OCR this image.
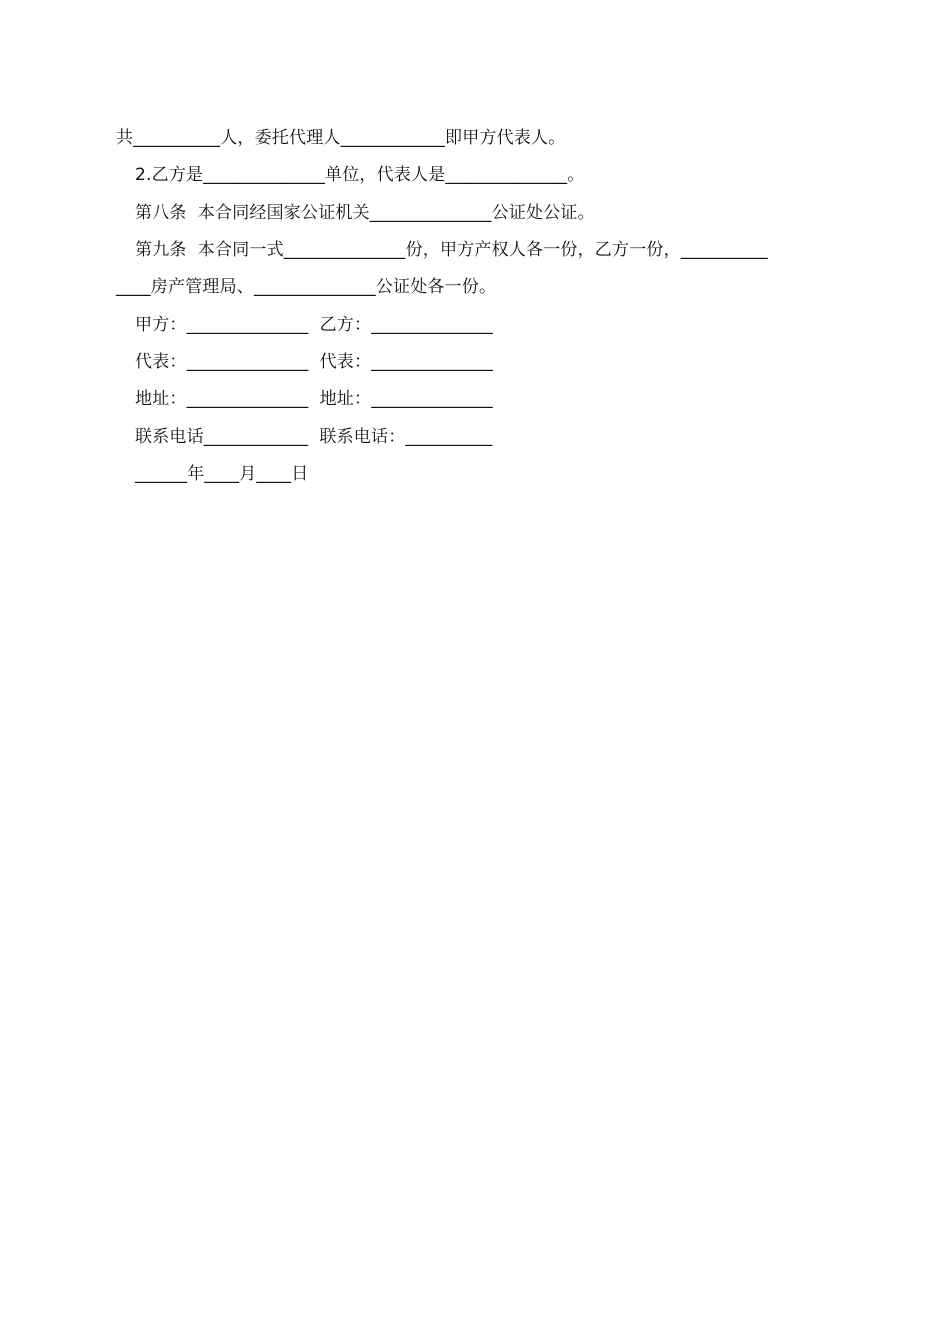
共__________人，委托代理人____________即甲方代表人。
2.乙方是______________单位，代表人是______________。
第八条  本合同经国家公证机关______________公证处公证。
第九条  本合同一式______________份，甲方产权人各一份，乙方一份，__________
____房产管理局、______________公证处各一份。
甲方：______________  乙方：______________
代表：______________  代表：______________
地址：______________  地址：______________
联系电话____________  联系电话：__________
______年____月____日
